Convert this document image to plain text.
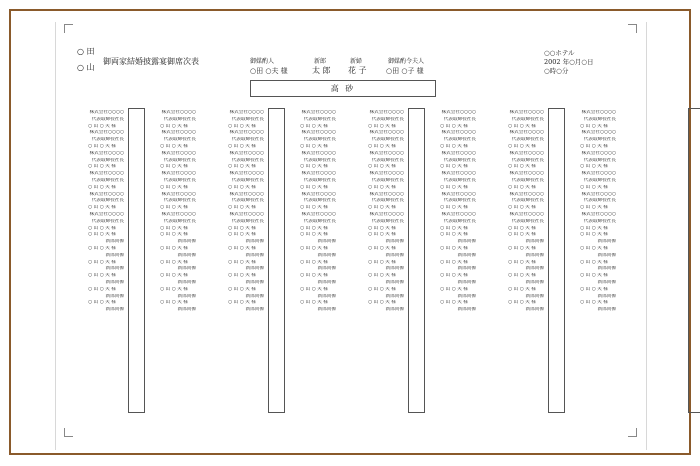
○ 田
○ 山
御両家結婚披露宴御席次表	御媒酌人
○田 ○夫 様
新郎
太 郎
新婦
花 子
御媒酌令夫人
○田 ○子 様
○○ホテル
2002 年○月○日
○時○分
高 砂
株式会社○○○○
代表取締役社長
○ 山 ○ 夫 様
株式会社○○○○
代表取締役社長
○ 山 ○ 夫 様
株式会社○○○○
代表取締役社長
○ 山 ○ 夫 様
株式会社○○○○
代表取締役社長
○ 山 ○ 夫 様
株式会社○○○○
代表取締役社長
○ 山 ○ 夫 様
株式会社○○○○
代表取締役社長
○ 山 ○ 夫 様
○ 山 ○ 夫 様
新郎同僚
○ 山 ○ 夫 様
新郎同僚
○ 山 ○ 夫 様
新郎同僚
○ 山 ○ 夫 様
新郎同僚
○ 山 ○ 夫 様
新郎同僚
○ 山 ○ 夫 様
新郎同僚
株式会社○○○○
代表取締役社長
○ 山 ○ 夫 様
株式会社○○○○
代表取締役社長
○ 山 ○ 夫 様
株式会社○○○○
代表取締役社長
○ 山 ○ 夫 様
株式会社○○○○
代表取締役社長
○ 山 ○ 夫 様
株式会社○○○○
代表取締役社長
○ 山 ○ 夫 様
株式会社○○○○
代表取締役社長
○ 山 ○ 夫 様
○ 山 ○ 夫 様
新郎同僚
○ 山 ○ 夫 様
新郎同僚
○ 山 ○ 夫 様
新郎同僚
○ 山 ○ 夫 様
新郎同僚
○ 山 ○ 夫 様
新郎同僚
○ 山 ○ 夫 様
新郎同僚
株式会社○○○○
代表取締役社長
○ 山 ○ 夫 様
株式会社○○○○
代表取締役社長
○ 山 ○ 夫 様
株式会社○○○○
代表取締役社長
○ 山 ○ 夫 様
株式会社○○○○
代表取締役社長
○ 山 ○ 夫 様
株式会社○○○○
代表取締役社長
○ 山 ○ 夫 様
株式会社○○○○
代表取締役社長
○ 山 ○ 夫 様
○ 山 ○ 夫 様
新郎同僚
○ 山 ○ 夫 様
新郎同僚
○ 山 ○ 夫 様
新郎同僚
○ 山 ○ 夫 様
新郎同僚
○ 山 ○ 夫 様
新郎同僚
○ 山 ○ 夫 様
新郎同僚
株式会社○○○○
代表取締役社長
○ 山 ○ 夫 様
株式会社○○○○
代表取締役社長
○ 山 ○ 夫 様
株式会社○○○○
代表取締役社長
○ 山 ○ 夫 様
株式会社○○○○
代表取締役社長
○ 山 ○ 夫 様
株式会社○○○○
代表取締役社長
○ 山 ○ 夫 様
株式会社○○○○
代表取締役社長
○ 山 ○ 夫 様
○ 山 ○ 夫 様
新郎同僚
○ 山 ○ 夫 様
新郎同僚
○ 山 ○ 夫 様
新郎同僚
○ 山 ○ 夫 様
新郎同僚
○ 山 ○ 夫 様
新郎同僚
○ 山 ○ 夫 様
新郎同僚
株式会社○○○○
代表取締役社長
○ 山 ○ 夫 様
株式会社○○○○
代表取締役社長
○ 山 ○ 夫 様
株式会社○○○○
代表取締役社長
○ 山 ○ 夫 様
株式会社○○○○
代表取締役社長
○ 山 ○ 夫 様
株式会社○○○○
代表取締役社長
○ 山 ○ 夫 様
株式会社○○○○
代表取締役社長
○ 山 ○ 夫 様
○ 山 ○ 夫 様
新郎同僚
○ 山 ○ 夫 様
新郎同僚
○ 山 ○ 夫 様
新郎同僚
○ 山 ○ 夫 様
新郎同僚
○ 山 ○ 夫 様
新郎同僚
○ 山 ○ 夫 様
新郎同僚
株式会社○○○○
代表取締役社長
○ 山 ○ 夫 様
株式会社○○○○
代表取締役社長
○ 山 ○ 夫 様
株式会社○○○○
代表取締役社長
○ 山 ○ 夫 様
株式会社○○○○
代表取締役社長
○ 山 ○ 夫 様
株式会社○○○○
代表取締役社長
○ 山 ○ 夫 様
株式会社○○○○
代表取締役社長
○ 山 ○ 夫 様
○ 山 ○ 夫 様
新郎同僚
○ 山 ○ 夫 様
新郎同僚
○ 山 ○ 夫 様
新郎同僚
○ 山 ○ 夫 様
新郎同僚
○ 山 ○ 夫 様
新郎同僚
○ 山 ○ 夫 様
新郎同僚
株式会社○○○○
代表取締役社長
○ 山 ○ 夫 様
株式会社○○○○
代表取締役社長
○ 山 ○ 夫 様
株式会社○○○○
代表取締役社長
○ 山 ○ 夫 様
株式会社○○○○
代表取締役社長
○ 山 ○ 夫 様
株式会社○○○○
代表取締役社長
○ 山 ○ 夫 様
株式会社○○○○
代表取締役社長
○ 山 ○ 夫 様
○ 山 ○ 夫 様
新郎同僚
○ 山 ○ 夫 様
新郎同僚
○ 山 ○ 夫 様
新郎同僚
○ 山 ○ 夫 様
新郎同僚
○ 山 ○ 夫 様
新郎同僚
○ 山 ○ 夫 様
新郎同僚
株式会社○○○○
代表取締役社長
○ 山 ○ 夫 様
株式会社○○○○
代表取締役社長
○ 山 ○ 夫 様
株式会社○○○○
代表取締役社長
○ 山 ○ 夫 様
株式会社○○○○
代表取締役社長
○ 山 ○ 夫 様
株式会社○○○○
代表取締役社長
○ 山 ○ 夫 様
株式会社○○○○
代表取締役社長
○ 山 ○ 夫 様
○ 山 ○ 夫 様
新郎同僚
○ 山 ○ 夫 様
新郎同僚
○ 山 ○ 夫 様
新郎同僚
○ 山 ○ 夫 様
新郎同僚
○ 山 ○ 夫 様
新郎同僚
○ 山 ○ 夫 様
新郎同僚
